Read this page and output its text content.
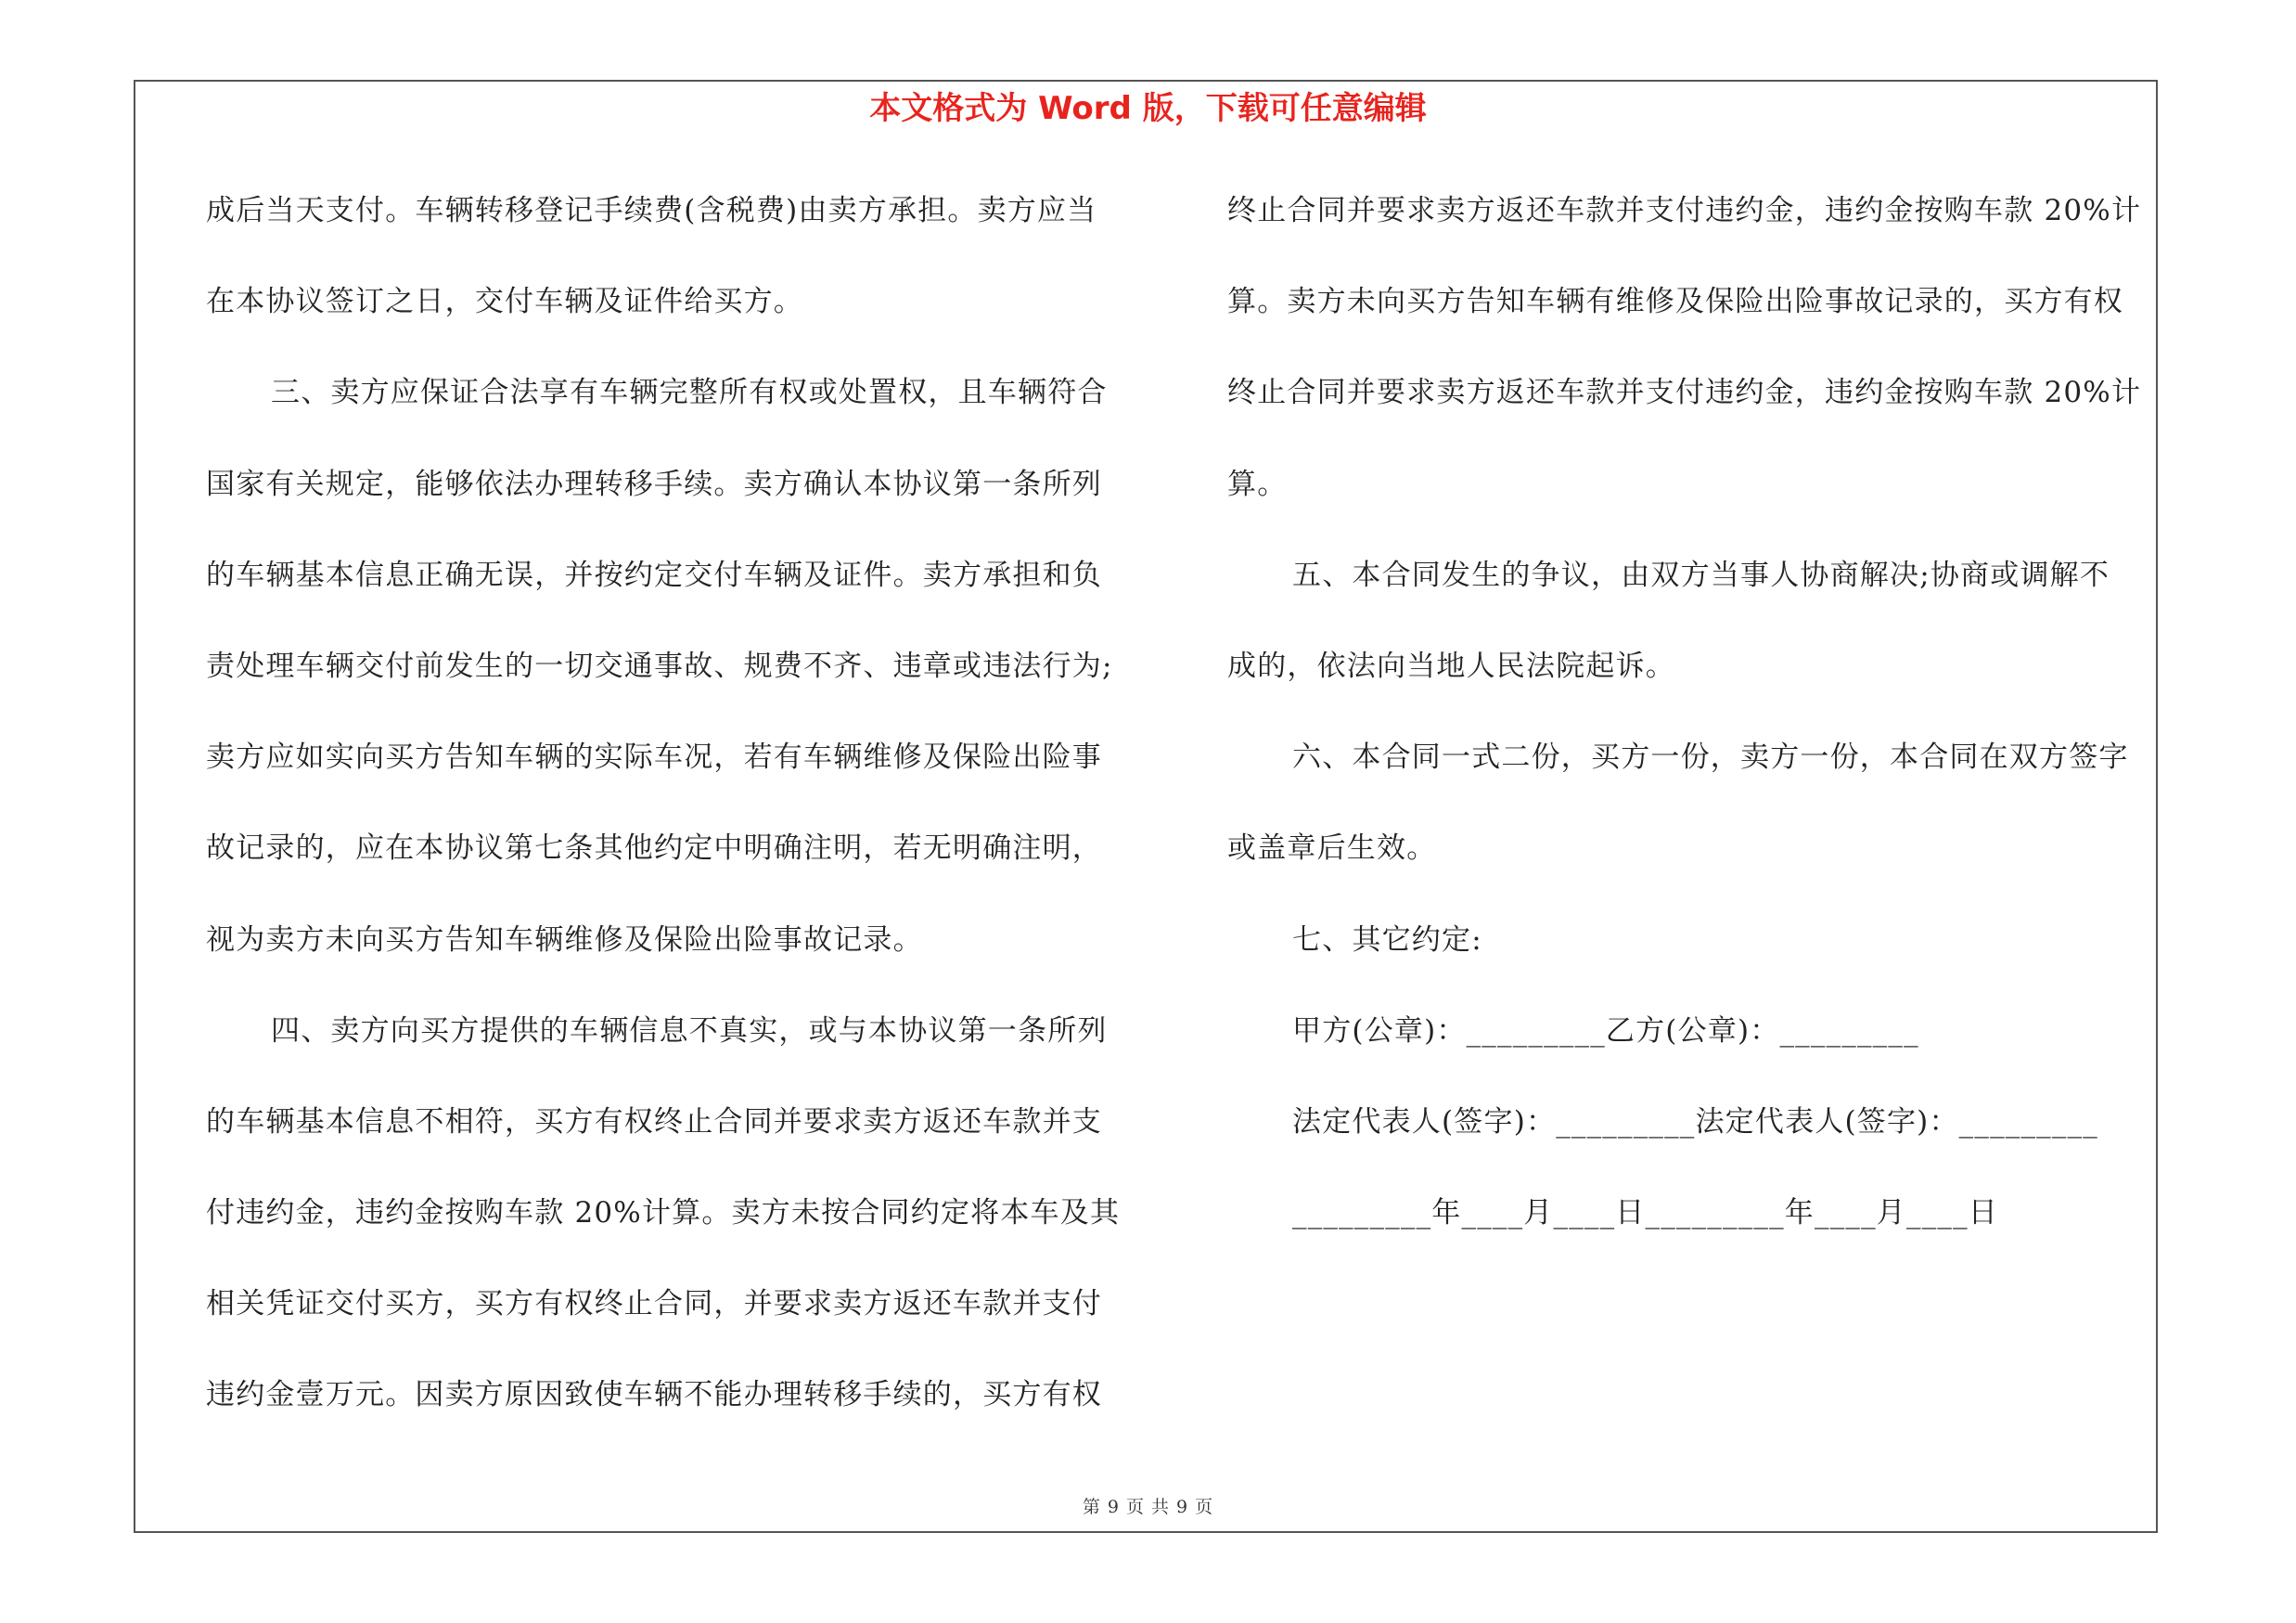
本文格式为 Word 版，下载可任意编辑
成后当天支付。车辆转移登记手续费(含税费)由卖方承担。卖方应当
在本协议签订之日，交付车辆及证件给买方。
三、卖方应保证合法享有车辆完整所有权或处置权，且车辆符合
国家有关规定，能够依法办理转移手续。卖方确认本协议第一条所列
的车辆基本信息正确无误，并按约定交付车辆及证件。卖方承担和负
责处理车辆交付前发生的一切交通事故、规费不齐、违章或违法行为;
卖方应如实向买方告知车辆的实际车况，若有车辆维修及保险出险事
故记录的，应在本协议第七条其他约定中明确注明，若无明确注明，
视为卖方未向买方告知车辆维修及保险出险事故记录。
四、卖方向买方提供的车辆信息不真实，或与本协议第一条所列
的车辆基本信息不相符，买方有权终止合同并要求卖方返还车款并支
付违约金，违约金按购车款 20%计算。卖方未按合同约定将本车及其
相关凭证交付买方，买方有权终止合同，并要求卖方返还车款并支付
违约金壹万元。因卖方原因致使车辆不能办理转移手续的，买方有权
终止合同并要求卖方返还车款并支付违约金，违约金按购车款 20%计
算。卖方未向买方告知车辆有维修及保险出险事故记录的，买方有权
终止合同并要求卖方返还车款并支付违约金，违约金按购车款 20%计
算。
五、本合同发生的争议，由双方当事人协商解决;协商或调解不
成的，依法向当地人民法院起诉。
六、本合同一式二份，买方一份，卖方一份，本合同在双方签字
或盖章后生效。
七、其它约定:
甲方(公章)：_________乙方(公章)：_________
法定代表人(签字)：_________法定代表人(签字)：_________
_________年____月____日_________年____月____日
第 9 页 共 9 页
